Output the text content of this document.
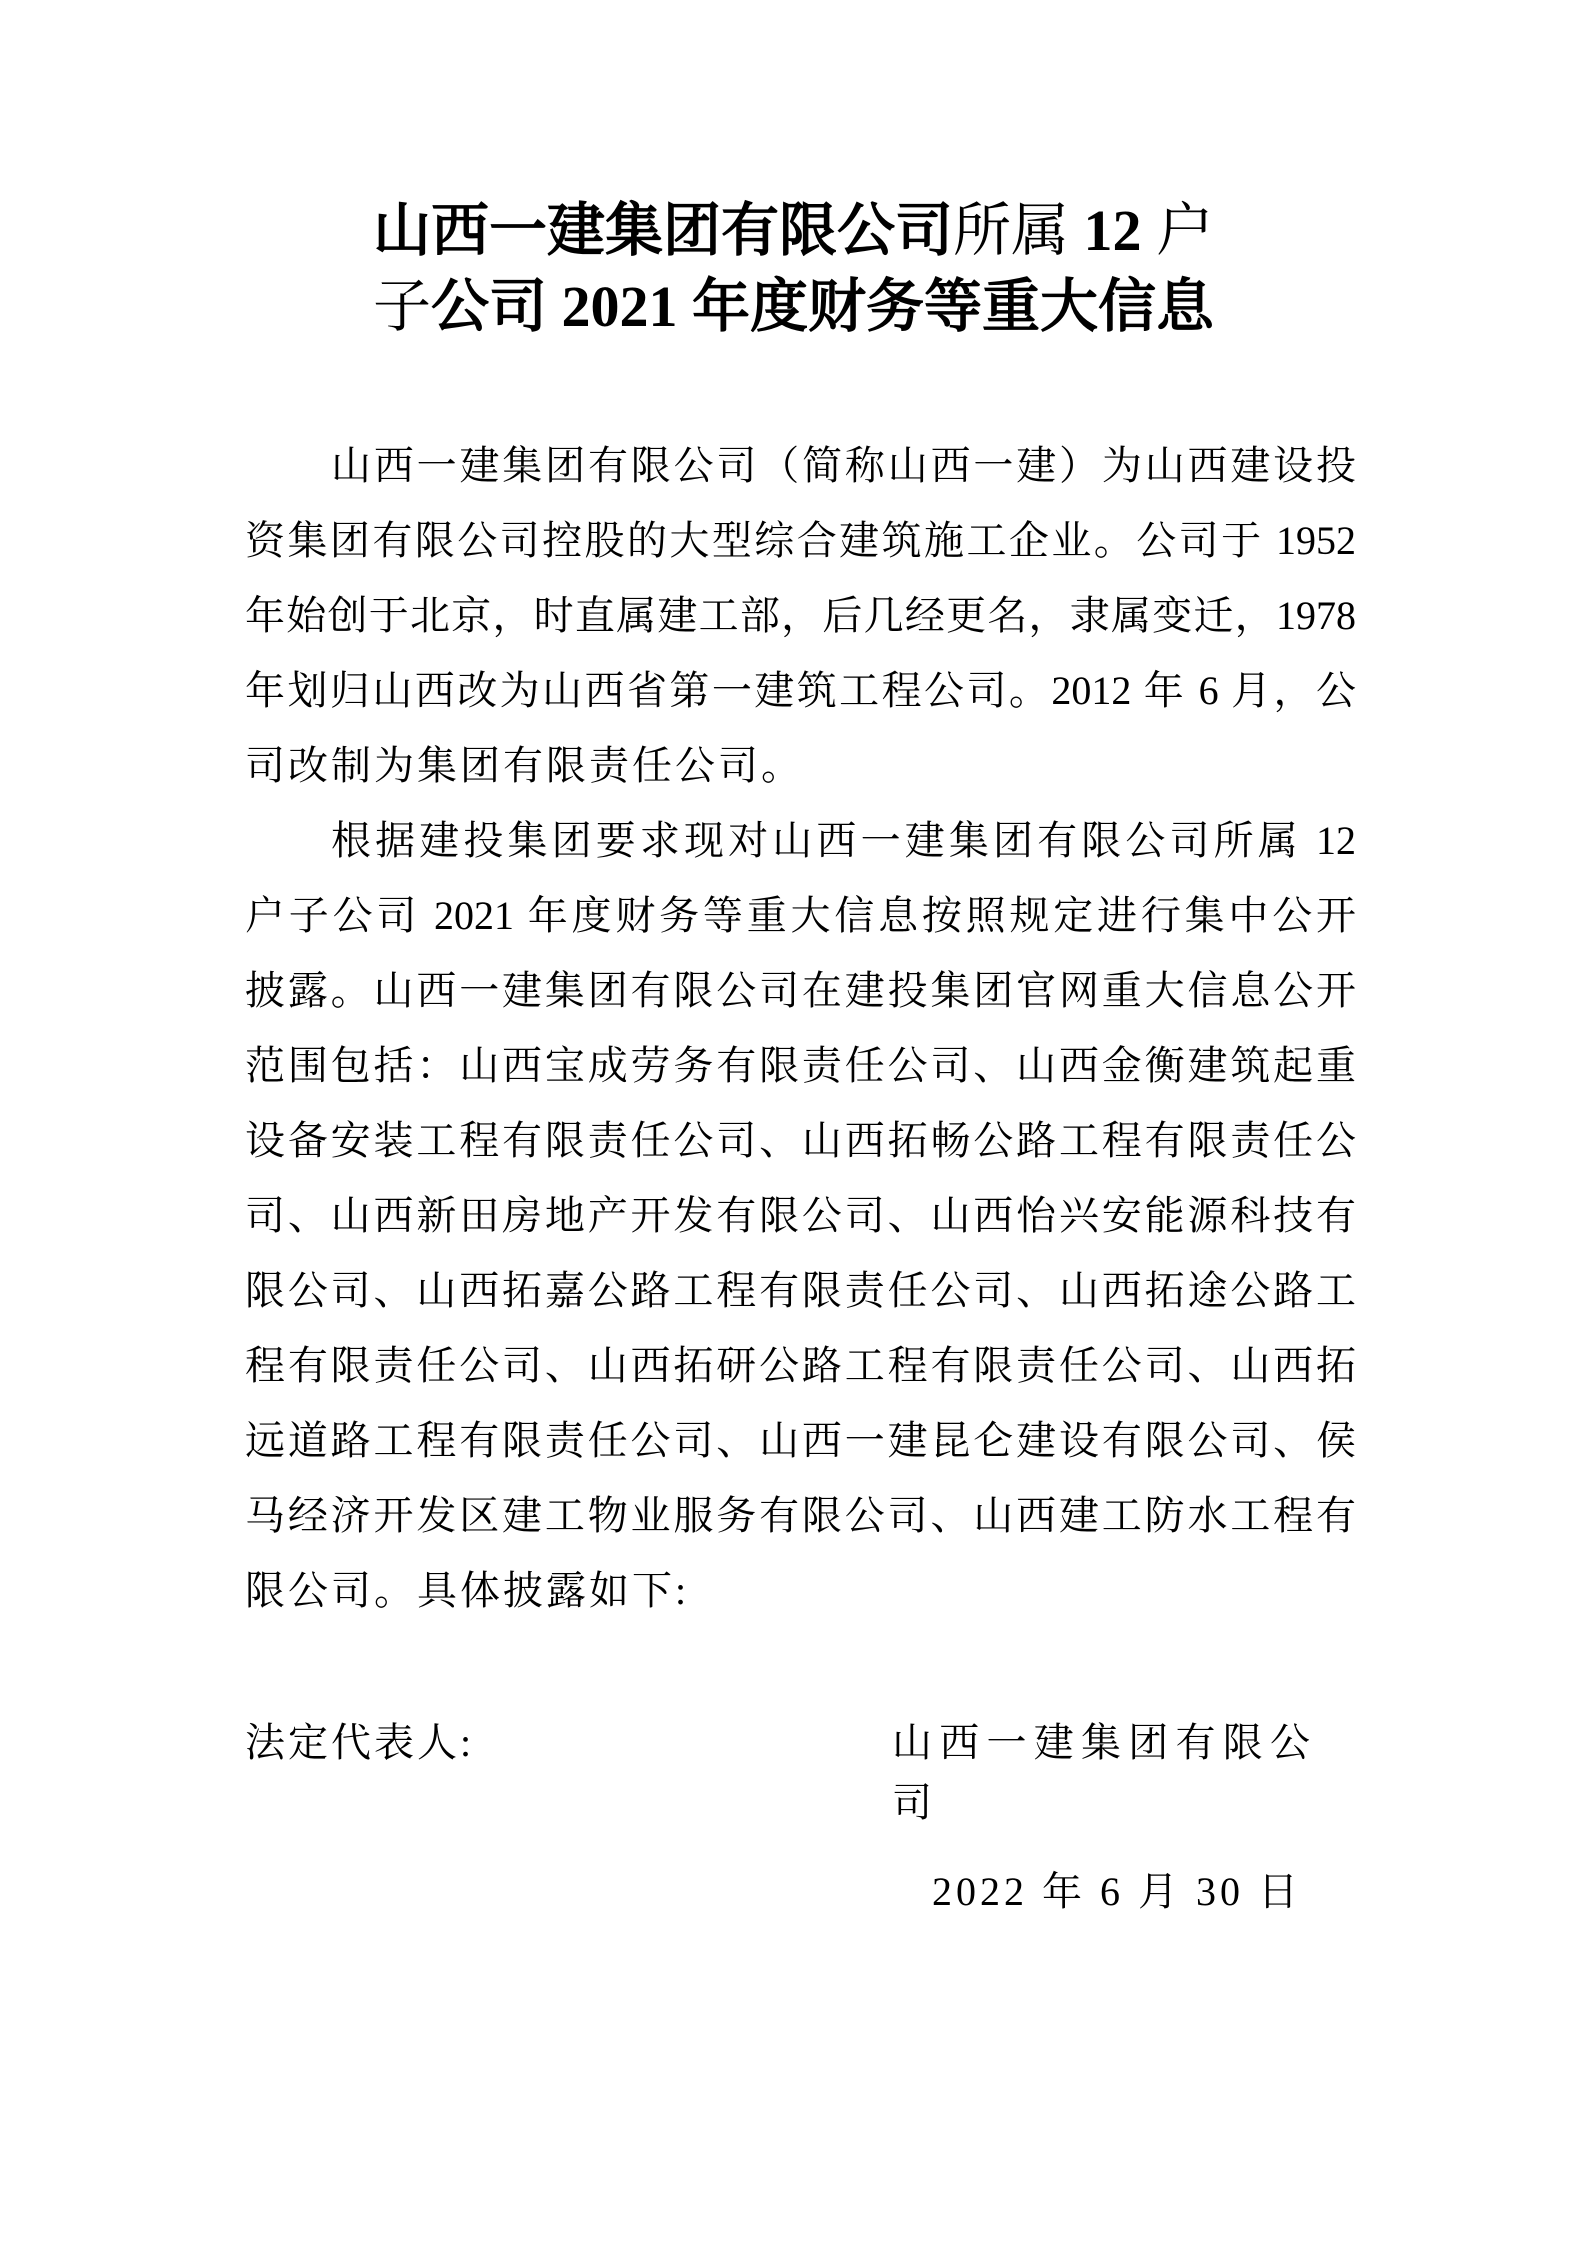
山西一建集团有限公司所属 12 户
子公司 2021 年度财务等重大信息
山西一建集团有限公司（简称山西一建）为山西建设投
资集团有限公司控股的大型综合建筑施工企业。公司于 1952
年始创于北京，时直属建工部，后几经更名，隶属变迁，1978
年划归山西改为山西省第一建筑工程公司。2012 年 6 月，公
司改制为集团有限责任公司。
根据建投集团要求现对山西一建集团有限公司所属 12
户子公司 2021 年度财务等重大信息按照规定进行集中公开
披露。山西一建集团有限公司在建投集团官网重大信息公开
范围包括：山西宝成劳务有限责任公司、山西金衡建筑起重
设备安装工程有限责任公司、山西拓畅公路工程有限责任公
司、山西新田房地产开发有限公司、山西怡兴安能源科技有
限公司、山西拓嘉公路工程有限责任公司、山西拓途公路工
程有限责任公司、山西拓研公路工程有限责任公司、山西拓
远道路工程有限责任公司、山西一建昆仑建设有限公司、侯
马经济开发区建工物业服务有限公司、山西建工防水工程有
限公司。具体披露如下:
法定代表人:	山西一建集团有限公司
2022 年 6 月 30 日
